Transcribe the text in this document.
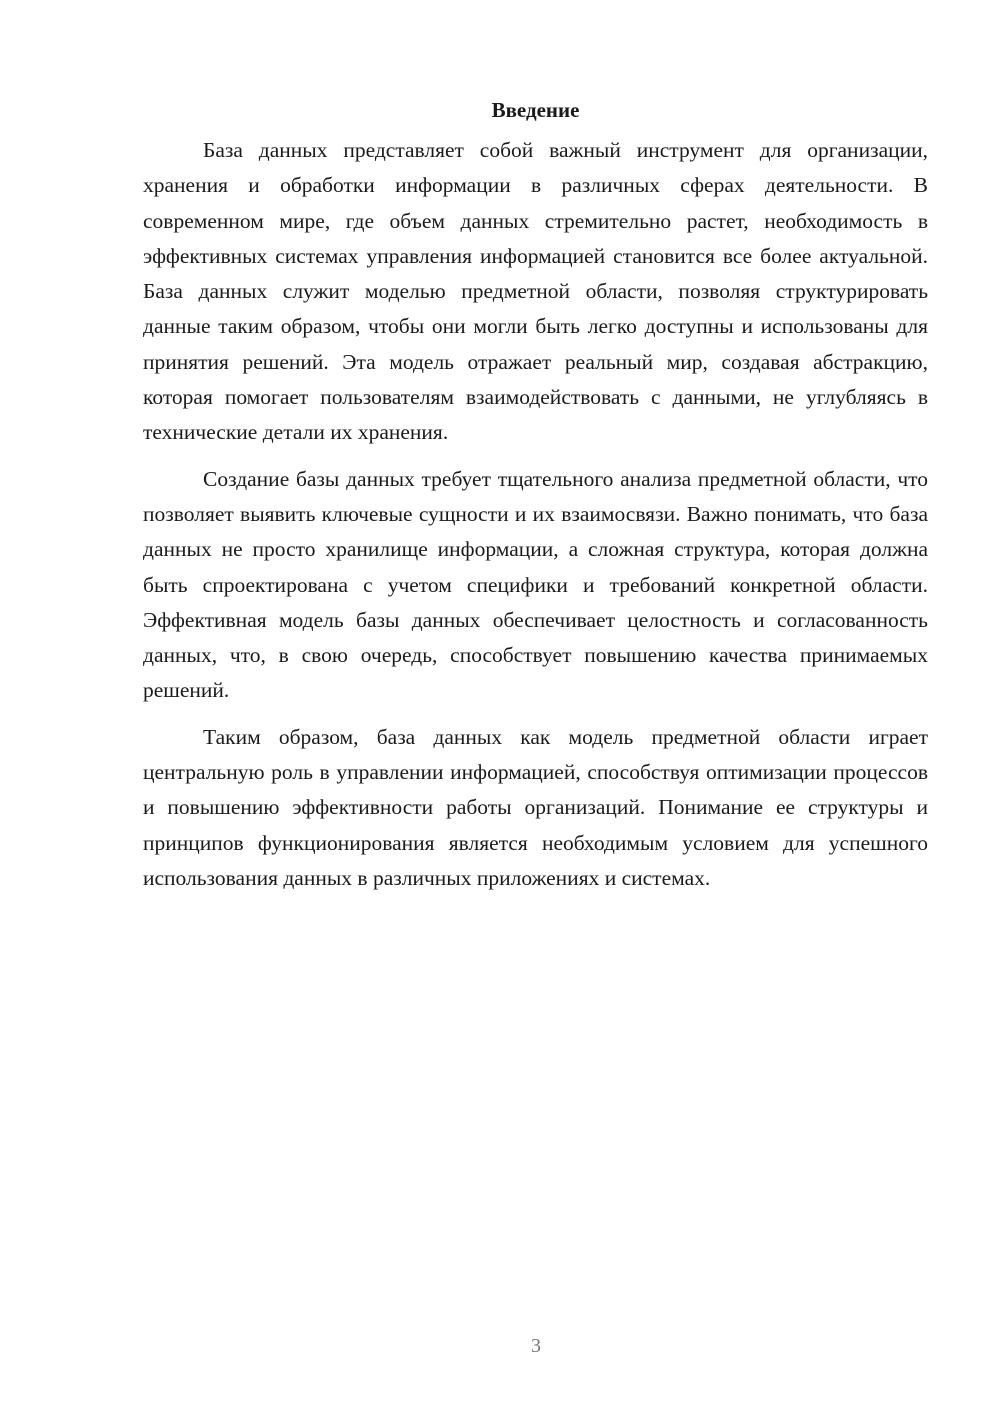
Введение

База данных представляет собой важный инструмент для организации, хранения и обработки информации в различных сферах деятельности. В современном мире, где объем данных стремительно растет, необходимость в эффективных системах управления информацией становится все более актуальной. База данных служит моделью предметной области, позволяя структурировать данные таким образом, чтобы они могли быть легко доступны и использованы для принятия решений. Эта модель отражает реальный мир, создавая абстракцию, которая помогает пользователям взаимодействовать с данными, не углубляясь в технические детали их хранения.

Создание базы данных требует тщательного анализа предметной области, что позволяет выявить ключевые сущности и их взаимосвязи. Важно понимать, что база данных не просто хранилище информации, а сложная структура, которая должна быть спроектирована с учетом специфики и требований конкретной области. Эффективная модель базы данных обеспечивает целостность и согласованность данных, что, в свою очередь, способствует повышению качества принимаемых решений.

Таким образом, база данных как модель предметной области играет центральную роль в управлении информацией, способствуя оптимизации процессов и повышению эффективности работы организаций. Понимание ее структуры и принципов функционирования является необходимым условием для успешного использования данных в различных приложениях и системах.

3
